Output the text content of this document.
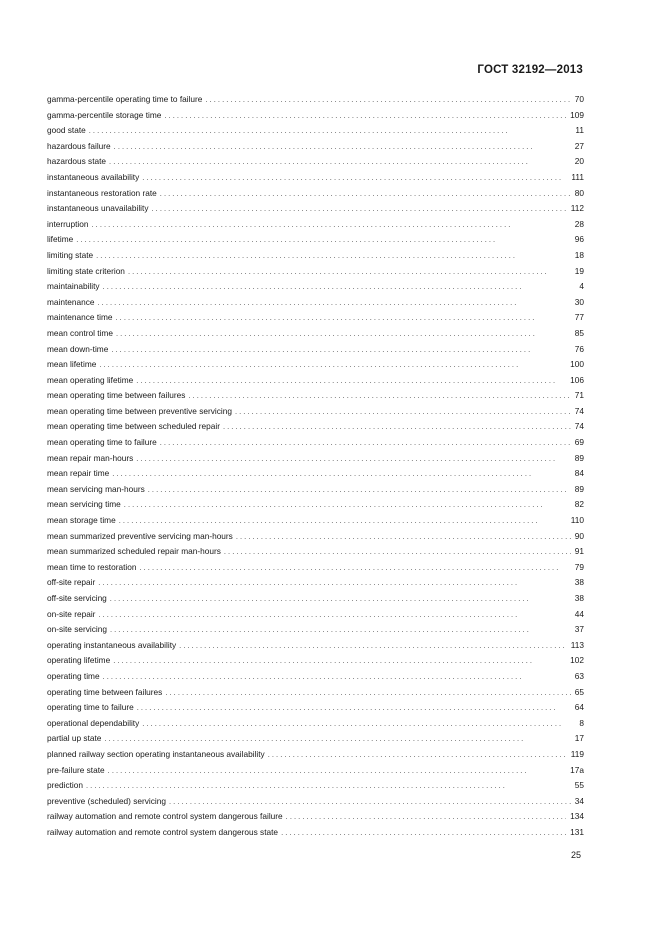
ГОСТ 32192—2013
gamma-percentile operating time to failure . . .	70
gamma-percentile storage time . . .	109
good state . . .	11
hazardous failure . . .	27
hazardous state . . .	20
instantaneous availability . . .	111
instantaneous restoration rate . . .	80
instantaneous unavailability . . .	112
interruption . . .	28
lifetime . . .	96
limiting state . . .	18
limiting state criterion . . .	19
maintainability . . .	4
maintenance . . .	30
maintenance time . . .	77
mean control time . . .	85
mean down-time . . .	76
mean lifetime . . .	100
mean operating lifetime . . .	106
mean operating time between failures . . .	71
mean operating time between preventive servicing . . .	74
mean operating time between scheduled repair . . .	74
mean operating time to failure . . .	69
mean repair man-hours . . .	89
mean repair time . . .	84
mean servicing man-hours . . .	89
mean servicing time . . .	82
mean storage time . . .	110
mean summarized preventive servicing man-hours . . .	90
mean summarized scheduled repair man-hours . . .	91
mean time to restoration . . .	79
off-site repair . . .	38
off-site servicing . . .	38
on-site repair . . .	44
on-site servicing . . .	37
operating instantaneous availability . . .	113
operating lifetime . . .	102
operating time . . .	63
operating time between failures . . .	65
operating time to failure . . .	64
operational dependability . . .	8
partial up state . . .	17
planned railway section operating instantaneous availability . . .	119
pre-failure state . . .	17a
prediction . . .	55
preventive (scheduled) servicing . . .	34
railway automation and remote control system dangerous failure . . .	134
railway automation and remote control system dangerous state . . .	131
25
